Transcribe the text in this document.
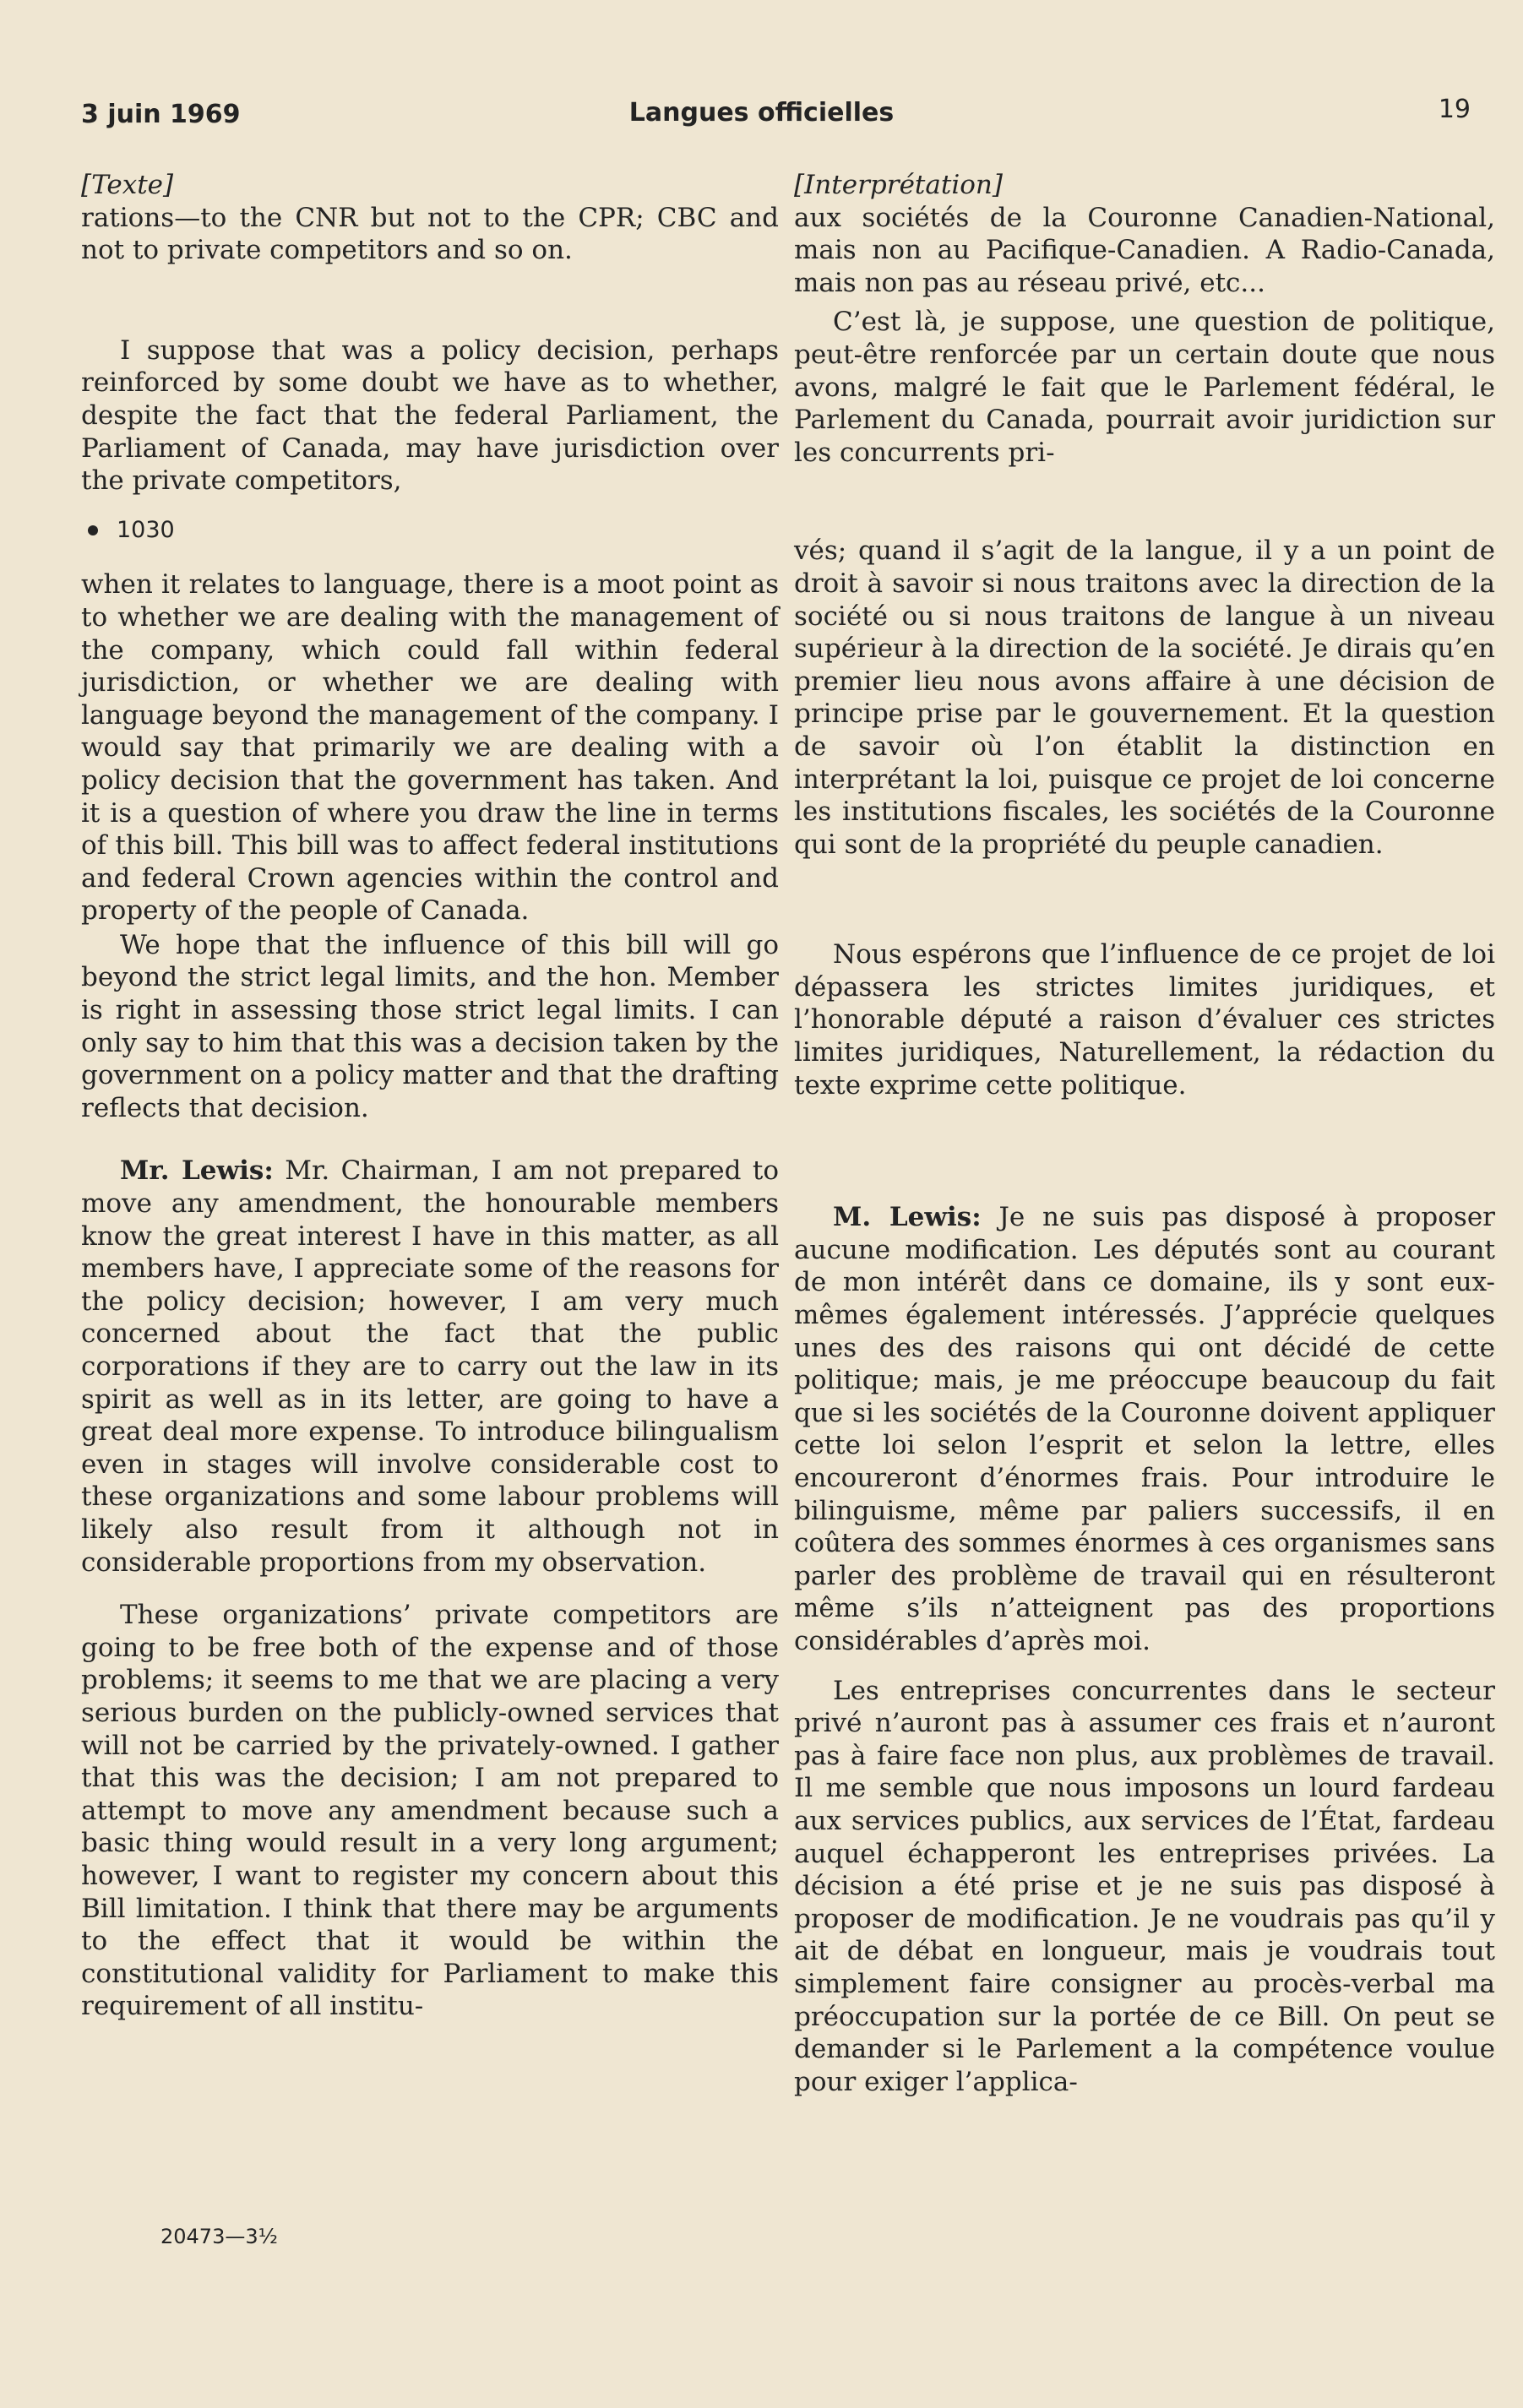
3 juin 1969	Langues officielles	19
[Texte]

rations—to the CNR but not to the CPR; CBC and not to private competitors and so on.

I suppose that was a policy decision, perhaps reinforced by some doubt we have as to whether, despite the fact that the federal Parliament, the Parliament of Canada, may have jurisdiction over the private competitors,

1030

when it relates to language, there is a moot point as to whether we are dealing with the management of the company, which could fall within federal jurisdiction, or whether we are dealing with language beyond the management of the company. I would say that primarily we are dealing with a policy decision that the government has taken. And it is a question of where you draw the line in terms of this bill. This bill was to affect federal institutions and federal Crown agencies within the control and property of the people of Canada.

We hope that the influence of this bill will go beyond the strict legal limits, and the hon. Member is right in assessing those strict legal limits. I can only say to him that this was a decision taken by the government on a policy matter and that the drafting reflects that decision.

Mr. Lewis: Mr. Chairman, I am not prepared to move any amendment, the honourable members know the great interest I have in this matter, as all members have, I appreciate some of the reasons for the policy decision; however, I am very much concerned about the fact that the public corporations if they are to carry out the law in its spirit as well as in its letter, are going to have a great deal more expense. To introduce bilingualism even in stages will involve considerable cost to these organizations and some labour problems will likely also result from it although not in considerable proportions from my observation.

These organizations’ private competitors are going to be free both of the expense and of those problems; it seems to me that we are placing a very serious burden on the publicly-owned services that will not be carried by the privately-owned. I gather that this was the decision; I am not prepared to attempt to move any amendment because such a basic thing would result in a very long argument; however, I want to register my concern about this Bill limitation. I think that there may be arguments to the effect that it would be within the constitutional validity for Parliament to make this requirement of all institu-

[Interprétation]

aux sociétés de la Couronne Canadien-National, mais non au Pacifique-Canadien. A Radio-Canada, mais non pas au réseau privé, etc...

C’est là, je suppose, une question de politique, peut-être renforcée par un certain doute que nous avons, malgré le fait que le Parlement fédéral, le Parlement du Canada, pourrait avoir juridiction sur les concurrents pri-

vés; quand il s’agit de la langue, il y a un point de droit à savoir si nous traitons avec la direction de la société ou si nous traitons de langue à un niveau supérieur à la direction de la société. Je dirais qu’en premier lieu nous avons affaire à une décision de principe prise par le gouvernement. Et la question de savoir où l’on établit la distinction en interprétant la loi, puisque ce projet de loi concerne les institutions fiscales, les sociétés de la Couronne qui sont de la propriété du peuple canadien.

Nous espérons que l’influence de ce projet de loi dépassera les strictes limites juridiques, et l’honorable député a raison d’évaluer ces strictes limites juridiques, Naturellement, la rédaction du texte exprime cette politique.

M. Lewis: Je ne suis pas disposé à proposer aucune modification. Les députés sont au courant de mon intérêt dans ce domaine, ils y sont eux-mêmes également intéressés. J’apprécie quelques unes des des raisons qui ont décidé de cette politique; mais, je me préoccupe beaucoup du fait que si les sociétés de la Couronne doivent appliquer cette loi selon l’esprit et selon la lettre, elles encoureront d’énormes frais. Pour introduire le bilinguisme, même par paliers successifs, il en coûtera des sommes énormes à ces organismes sans parler des problème de travail qui en résulteront même s’ils n’atteignent pas des proportions considérables d’après moi.

Les entreprises concurrentes dans le secteur privé n’auront pas à assumer ces frais et n’auront pas à faire face non plus, aux problèmes de travail. Il me semble que nous imposons un lourd fardeau aux services publics, aux services de l’État, fardeau auquel échapperont les entreprises privées. La décision a été prise et je ne suis pas disposé à proposer de modification. Je ne voudrais pas qu’il y ait de débat en longueur, mais je voudrais tout simplement faire consigner au procès-verbal ma préoccupation sur la portée de ce Bill. On peut se demander si le Parlement a la compétence voulue pour exiger l’applica-

20473—3½
